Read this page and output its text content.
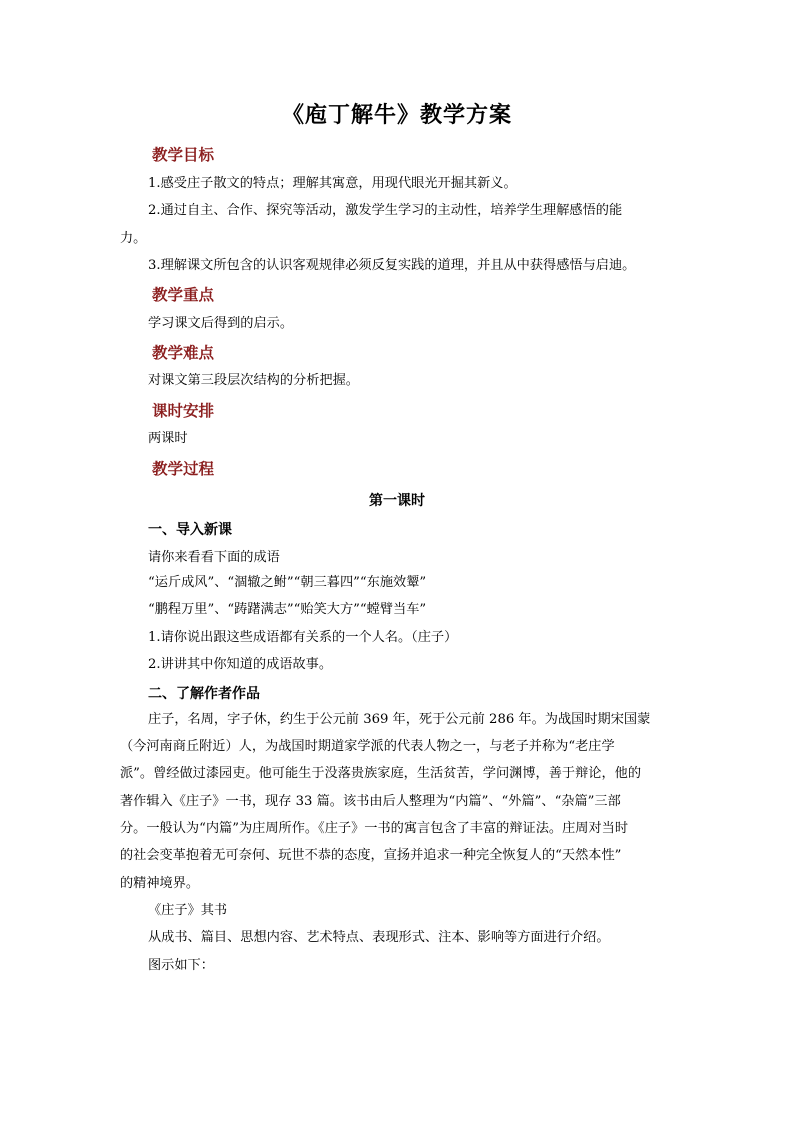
《庖丁解牛》教学方案
教学目标
1.感受庄子散文的特点；理解其寓意，用现代眼光开掘其新义。
2.通过自主、合作、探究等活动，激发学生学习的主动性，培养学生理解感悟的能
力。
3.理解课文所包含的认识客观规律必须反复实践的道理，并且从中获得感悟与启迪。
教学重点
学习课文后得到的启示。
教学难点
对课文第三段层次结构的分析把握。
课时安排
两课时
教学过程
第一课时
一、导入新课
请你来看看下面的成语
“运斤成风”、“涸辙之鲋”“朝三暮四”“东施效颦”
“鹏程万里”、“踌躇满志”“贻笑大方”“螳臂当车”
1.请你说出跟这些成语都有关系的一个人名。（庄子）
2.讲讲其中你知道的成语故事。
二、了解作者作品
庄子，名周，字子休，约生于公元前 369 年，死于公元前 286 年。为战国时期宋国蒙
（今河南商丘附近）人，为战国时期道家学派的代表人物之一，与老子并称为“老庄学
派”。曾经做过漆园吏。他可能生于没落贵族家庭，生活贫苦，学问渊博，善于辩论，他的
著作辑入《庄子》一书，现存 33 篇。该书由后人整理为“内篇”、“外篇”、“杂篇”三部
分。一般认为“内篇”为庄周所作。《庄子》一书的寓言包含了丰富的辩证法。庄周对当时
的社会变革抱着无可奈何、玩世不恭的态度，宣扬并追求一种完全恢复人的“天然本性”
的精神境界。
《庄子》其书
从成书、篇目、思想内容、艺术特点、表现形式、注本、影响等方面进行介绍。
图示如下：
